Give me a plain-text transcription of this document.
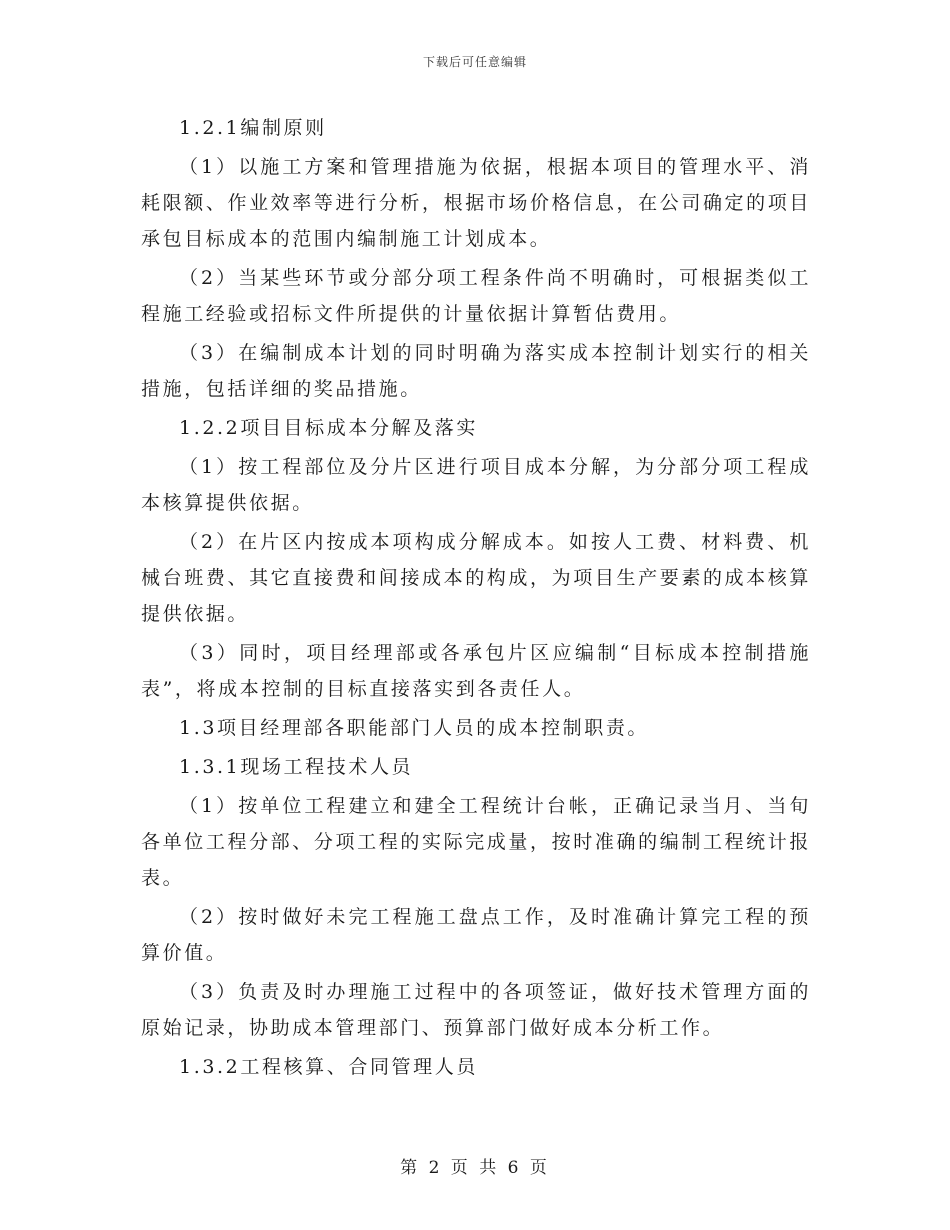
下载后可任意编辑

1.2.1编制原则

（1）以施工方案和管理措施为依据，根据本项目的管理水平、消耗限额、作业效率等进行分析，根据市场价格信息，在公司确定的项目承包目标成本的范围内编制施工计划成本。

（2）当某些环节或分部分项工程条件尚不明确时，可根据类似工程施工经验或招标文件所提供的计量依据计算暂估费用。

（3）在编制成本计划的同时明确为落实成本控制计划实行的相关措施，包括详细的奖品措施。

1.2.2项目目标成本分解及落实

（1）按工程部位及分片区进行项目成本分解，为分部分项工程成本核算提供依据。

（2）在片区内按成本项构成分解成本。如按人工费、材料费、机械台班费、其它直接费和间接成本的构成，为项目生产要素的成本核算提供依据。

（3）同时，项目经理部或各承包片区应编制“目标成本控制措施表”，将成本控制的目标直接落实到各责任人。

1.3项目经理部各职能部门人员的成本控制职责。

1.3.1现场工程技术人员

（1）按单位工程建立和建全工程统计台帐，正确记录当月、当旬各单位工程分部、分项工程的实际完成量，按时准确的编制工程统计报表。

（2）按时做好未完工程施工盘点工作，及时准确计算完工程的预算价值。

（3）负责及时办理施工过程中的各项签证，做好技术管理方面的原始记录，协助成本管理部门、预算部门做好成本分析工作。

1.3.2工程核算、合同管理人员

第 2 页 共 6 页
